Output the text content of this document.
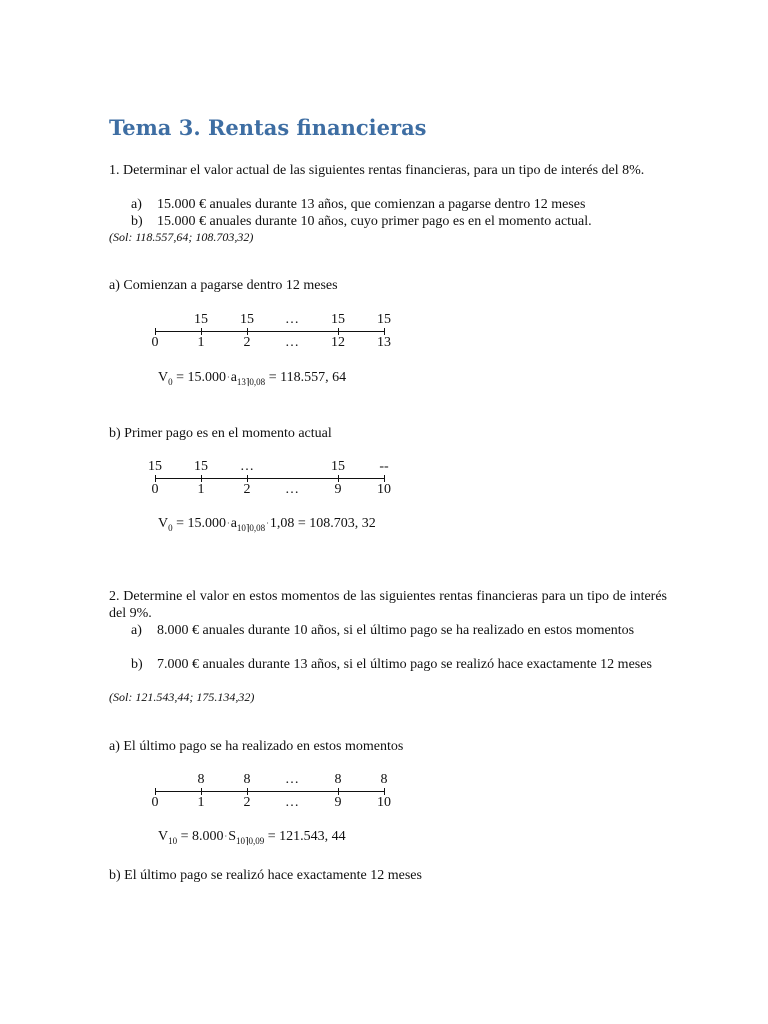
Tema 3. Rentas financieras
1. Determinar el valor actual de las siguientes rentas financieras, para un tipo de interés del 8%.
a) 15.000 € anuales durante 13 años, que comienzan a pagarse dentro 12 meses
b) 15.000 € anuales durante 10 años, cuyo primer pago es en el momento actual.
(Sol: 118.557,64; 108.703,32)
a) Comienzan a pagarse dentro 12 meses
15	15	…	15	15
0	1	2	…	12	13
$V_0 = 15.000\cdot a_{13⌉0,08} = 118.557$, 64
b) Primer pago es en el momento actual
15	15	…	15	--
0	1	2	…	9	10
$V_0 = 15.000\cdot a_{10⌉0,08}\cdot 1,08 = 108.703$, 32
2. Determine el valor en estos momentos de las siguientes rentas financieras para un tipo de interés del 9%.
a) 8.000 € anuales durante 10 años, si el último pago se ha realizado en estos momentos
b) 7.000 € anuales durante 13 años, si el último pago se realizó hace exactamente 12 meses
(Sol: 121.543,44; 175.134,32)
a) El último pago se ha realizado en estos momentos
8	8	…	8	8
0	1	2	…	9	10
$V_{10} = 8.000\cdot S_{10⌉0,09} = 121.543$, 44
b) El último pago se realizó hace exactamente 12 meses
